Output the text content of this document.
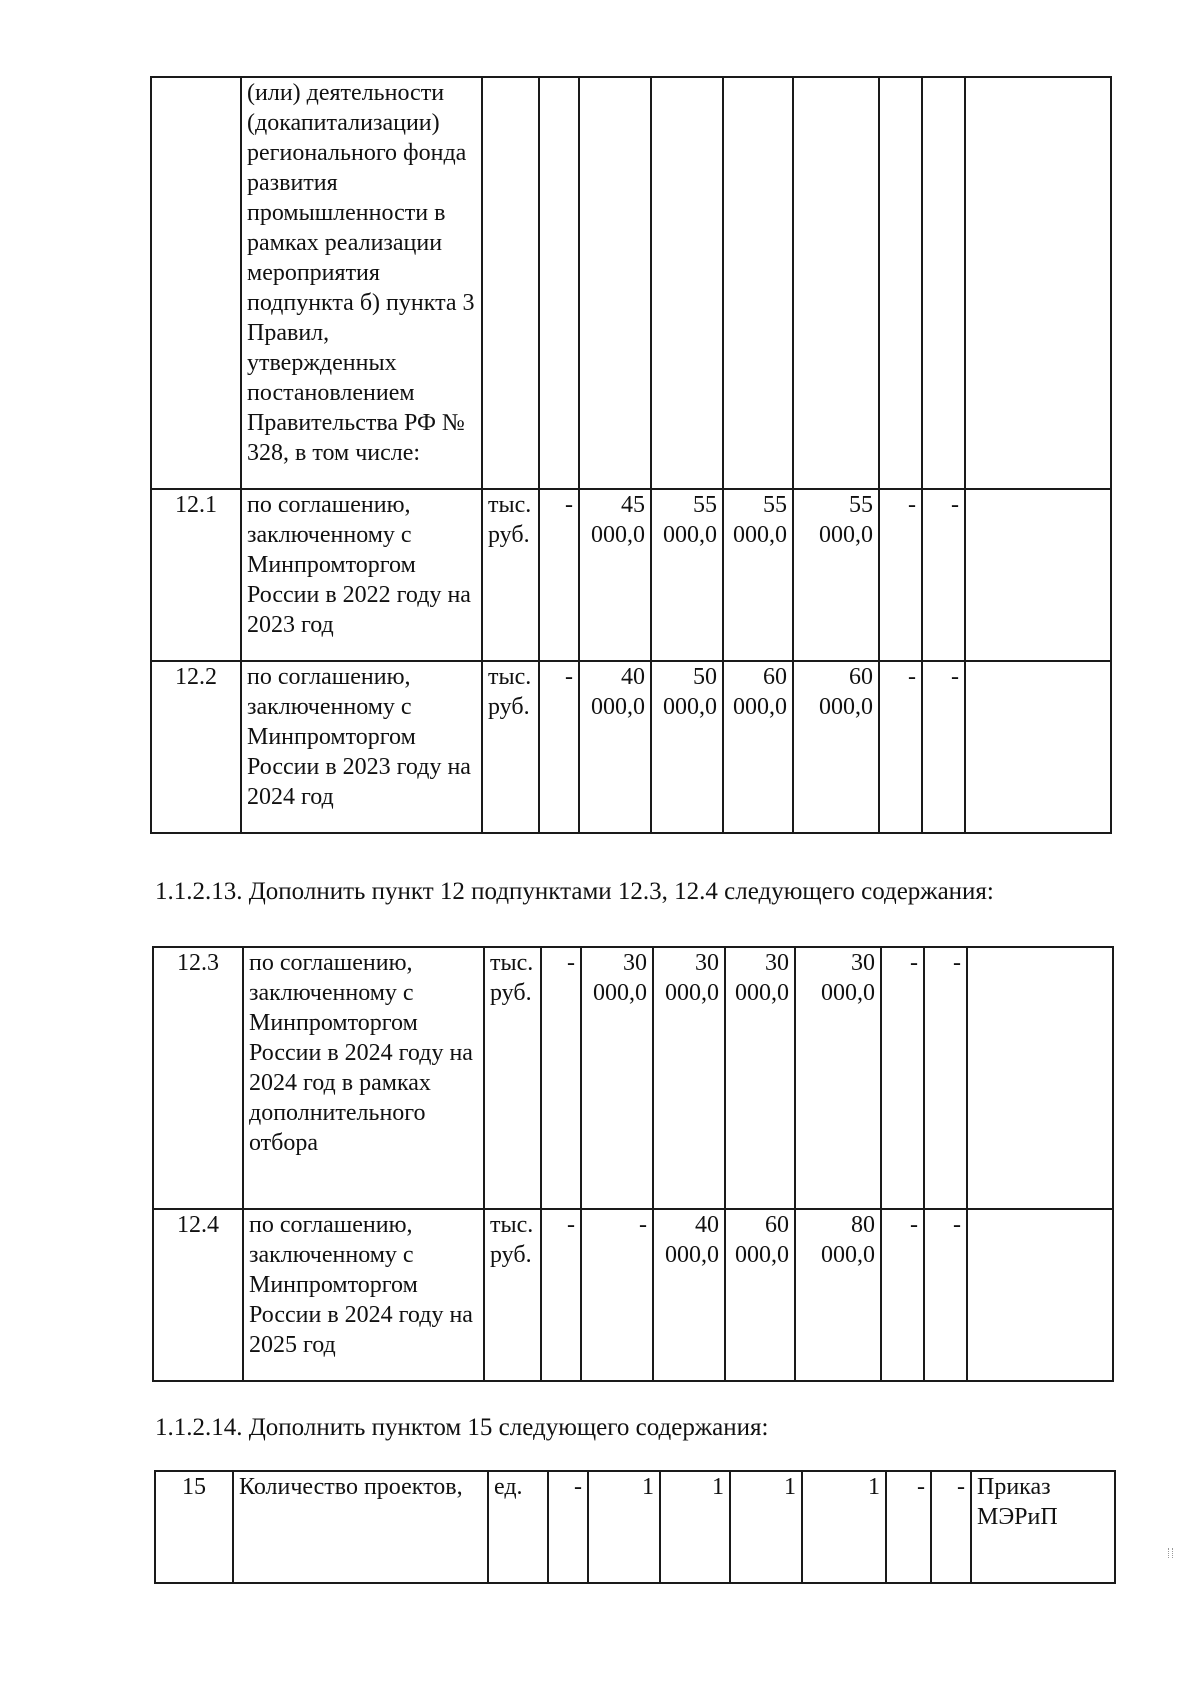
	(или) деятельности (докапитализации) регионального фонда развития промышленности в рамках реализации мероприятия подпункта б) пункта 3 Правил, утвержденных постановлением Правительства РФ № 328, в том числе:									
12.1	по соглашению, заключенному с Минпромторгом России в 2022 году на 2023 год	тыс. руб.	-	45 000,0	55 000,0	55 000,0	55 000,0	-	-	
12.2	по соглашению, заключенному с Минпромторгом России в 2023 году на 2024 год	тыс. руб.	-	40 000,0	50 000,0	60 000,0	60 000,0	-	-	

1.1.2.13. Дополнить пункт 12 подпунктами 12.3, 12.4 следующего содержания:

12.3	по соглашению, заключенному с Минпромторгом России в 2024 году на 2024 год в рамках дополнительного отбора	тыс. руб.	-	30 000,0	30 000,0	30 000,0	30 000,0	-	-	
12.4	по соглашению, заключенному с Минпромторгом России в 2024 году на 2025 год	тыс. руб.	-	-	40 000,0	60 000,0	80 000,0	-	-	

1.1.2.14. Дополнить пунктом 15 следующего содержания:

15	Количество проектов,	ед.	-	1	1	1	1	-	-	Приказ МЭРиП
